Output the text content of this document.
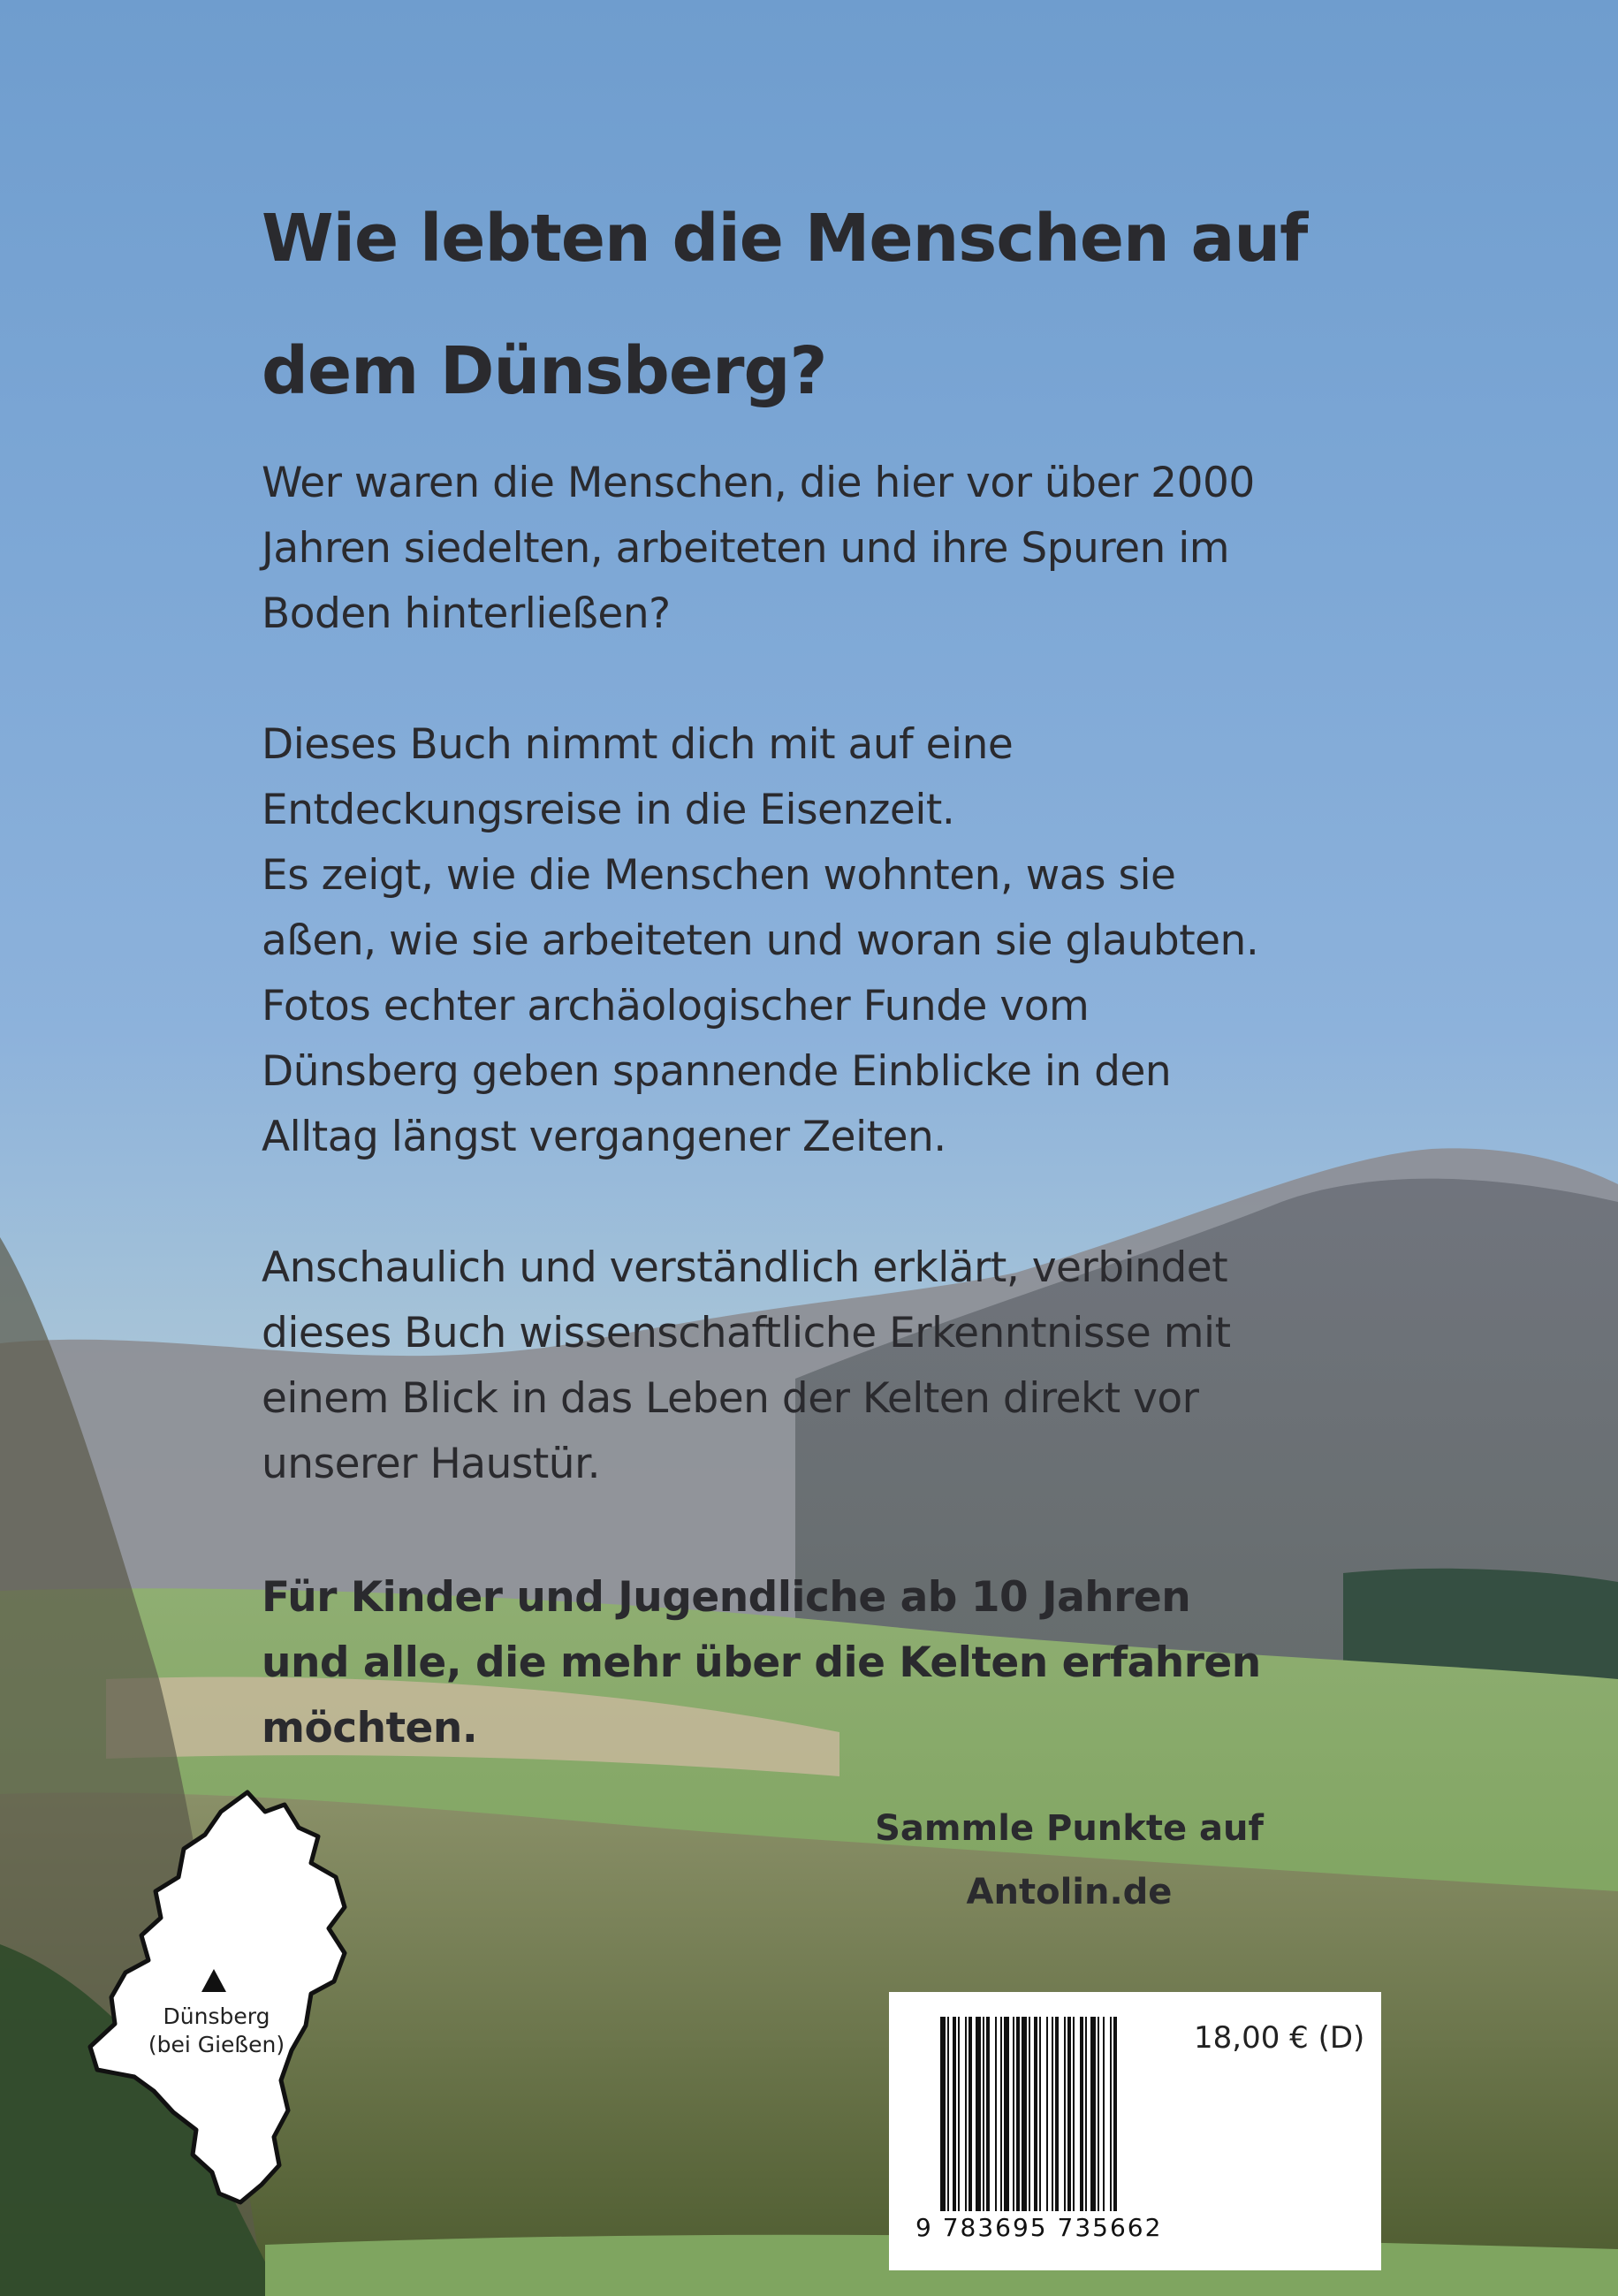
Wie lebten die Menschen auf dem Dünsberg?

Wer waren die Menschen, die hier vor über 2000
Jahren siedelten, arbeiteten und ihre Spuren im
Boden hinterließen?

Dieses Buch nimmt dich mit auf eine
Entdeckungsreise in die Eisenzeit.
Es zeigt, wie die Menschen wohnten, was sie
aßen, wie sie arbeiteten und woran sie glaubten.
Fotos echter archäologischer Funde vom
Dünsberg geben spannende Einblicke in den
Alltag längst vergangener Zeiten.

Anschaulich und verständlich erklärt, verbindet
dieses Buch wissenschaftliche Erkenntnisse mit
einem Blick in das Leben der Kelten direkt vor
unserer Haustür.

Für Kinder und Jugendliche ab 10 Jahren
und alle, die mehr über die Kelten erfahren
möchten.

Sammle Punkte auf
Antolin.de

Dünsberg
(bei Gießen)

9 783695 735662

18,00 € (D)
